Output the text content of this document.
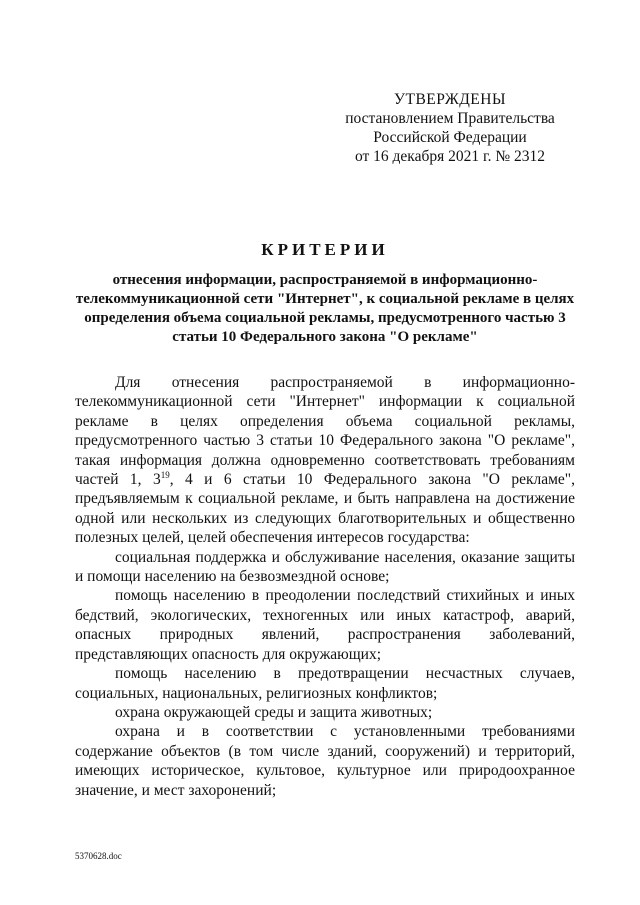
УТВЕРЖДЕНЫ
постановлением Правительства
Российской Федерации
от 16 декабря 2021 г. № 2312
КРИТЕРИИ
отнесения информации, распространяемой в информационно-телекоммуникационной сети "Интернет", к социальной рекламе в целях определения объема социальной рекламы, предусмотренного частью 3 статьи 10 Федерального закона "О рекламе"

Для отнесения распространяемой в информационно-телекоммуникационной сети "Интернет" информации к социальной рекламе в целях определения объема социальной рекламы, предусмотренного частью 3 статьи 10 Федерального закона "О рекламе", такая информация должна одновременно соответствовать требованиям частей 1, $3^{19}$, 4 и 6 статьи 10 Федерального закона "О рекламе", предъявляемым к социальной рекламе, и быть направлена на достижение одной или нескольких из следующих благотворительных и общественно полезных целей, целей обеспечения интересов государства:

социальная поддержка и обслуживание населения, оказание защиты и помощи населению на безвозмездной основе;

помощь населению в преодолении последствий стихийных и иных бедствий, экологических, техногенных или иных катастроф, аварий, опасных природных явлений, распространения заболеваний, представляющих опасность для окружающих;

помощь населению в предотвращении несчастных случаев, социальных, национальных, религиозных конфликтов;

охрана окружающей среды и защита животных;

охрана и в соответствии с установленными требованиями содержание объектов (в том числе зданий, сооружений) и территорий, имеющих историческое, культовое, культурное или природоохранное значение, и мест захоронений;

5370628.doc
